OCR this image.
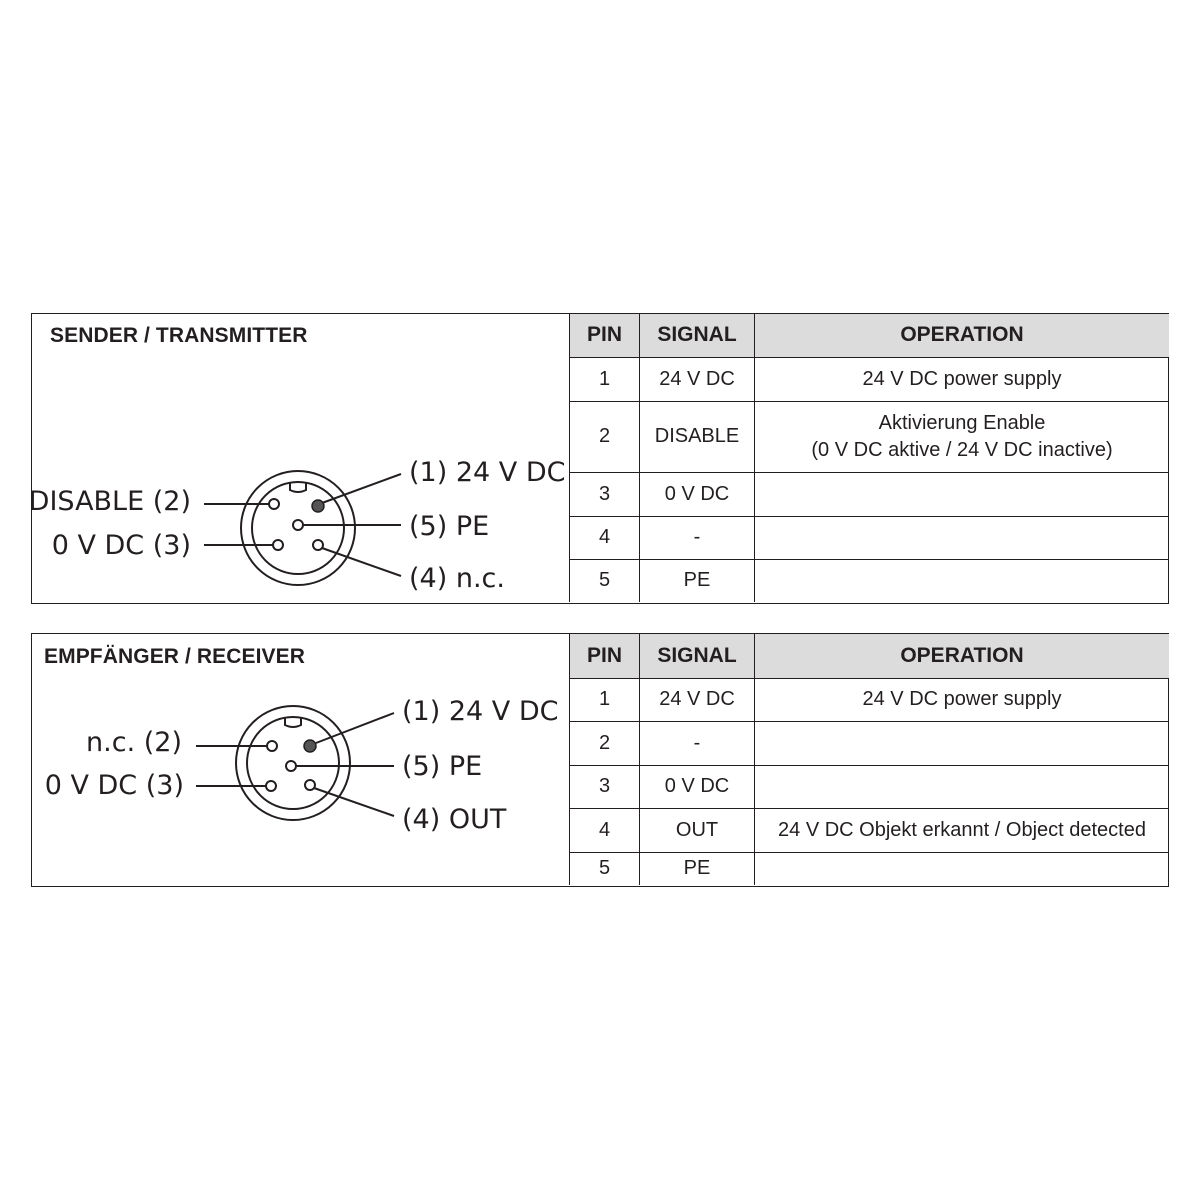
SENDER / TRANSMITTER
(1) 24 V DC
(5) PE
(4) n.c.
DISABLE (2)
0 V DC (3)
PIN	SIGNAL	OPERATION
1	24 V DC	24 V DC power supply

2	DISABLE	Aktivierung Enable
(0 V DC aktive / 24 V DC inactive)

3	0 V DC	
4	-	
5	PE	
EMPFÄNGER / RECEIVER
(1) 24 V DC
(5) PE
(4) OUT
n.c. (2)
0 V DC (3)
PIN	SIGNAL	OPERATION
1	24 V DC	24 V DC power supply
2	-	
3	0 V DC	
4	OUT	24 V DC Objekt erkannt / Object detected
5	PE	
